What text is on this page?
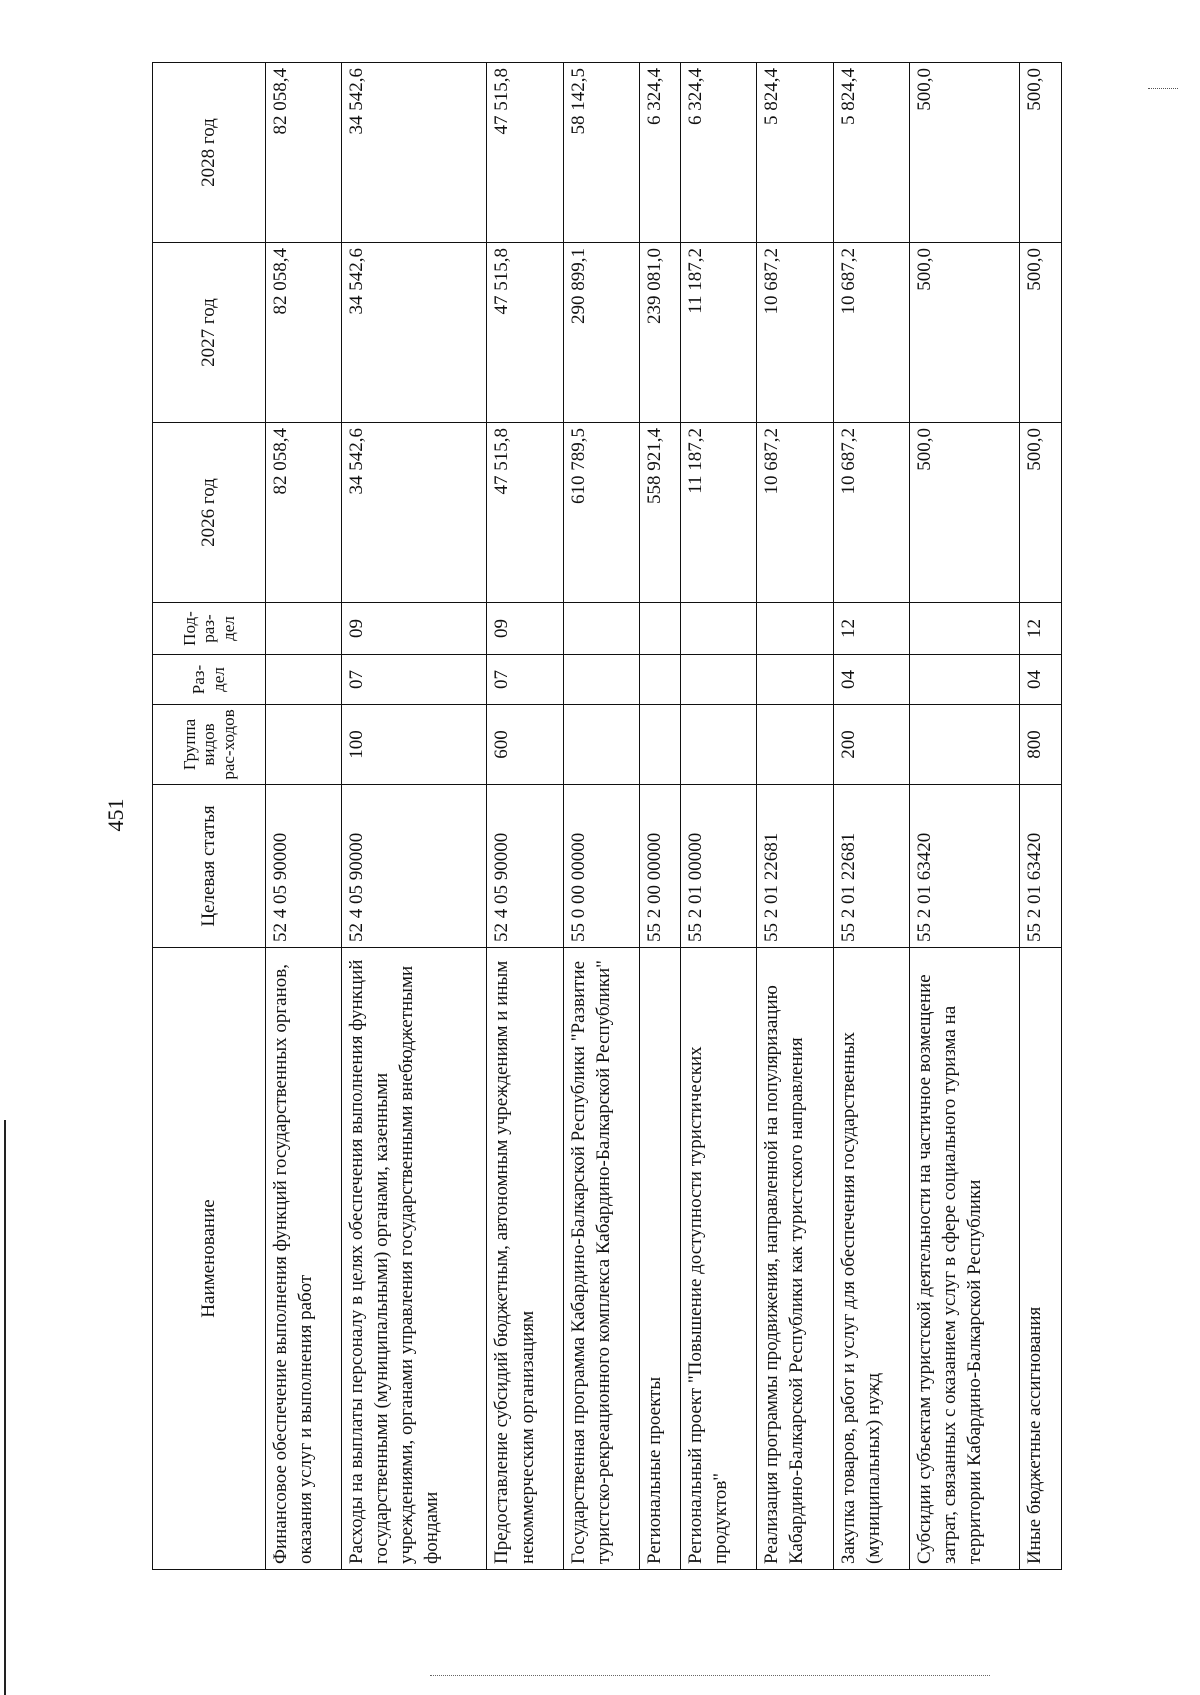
451
Наименование	Целевая статья	Группа видов рас-ходов	Раз-дел	Под-раз-дел	2026 год	2027 год	2028 год
Финансовое обеспечение выполнения функций государственных органов, оказания услуг и выполнения работ	52 4 05 90000				82 058,4	82 058,4	82 058,4
Расходы на выплаты персоналу в целях обеспечения выполнения функций государственными (муниципальными) органами, казенными учреждениями, органами управления государственными внебюджетными фондами	52 4 05 90000	100	07	09	34 542,6	34 542,6	34 542,6
Предоставление субсидий бюджетным, автономным учреждениям и иным некоммерческим организациям	52 4 05 90000	600	07	09	47 515,8	47 515,8	47 515,8
Государственная программа Кабардино-Балкарской Республики "Развитие туристско-рекреационного комплекса Кабардино-Балкарской Республики"	55 0 00 00000				610 789,5	290 899,1	58 142,5
Региональные проекты	55 2 00 00000				558 921,4	239 081,0	6 324,4
Региональный проект "Повышение доступности туристических продуктов"	55 2 01 00000				11 187,2	11 187,2	6 324,4
Реализация программы продвижения, направленной на популяризацию Кабардино-Балкарской Республики как туристского направления	55 2 01 22681				10 687,2	10 687,2	5 824,4
Закупка товаров, работ и услуг для обеспечения государственных (муниципальных) нужд	55 2 01 22681	200	04	12	10 687,2	10 687,2	5 824,4
Субсидии субъектам туристской деятельности на частичное возмещение затрат, связанных с оказанием услуг в сфере социального туризма на территории Кабардино-Балкарской Республики	55 2 01 63420				500,0	500,0	500,0
Иные бюджетные ассигнования	55 2 01 63420	800	04	12	500,0	500,0	500,0
